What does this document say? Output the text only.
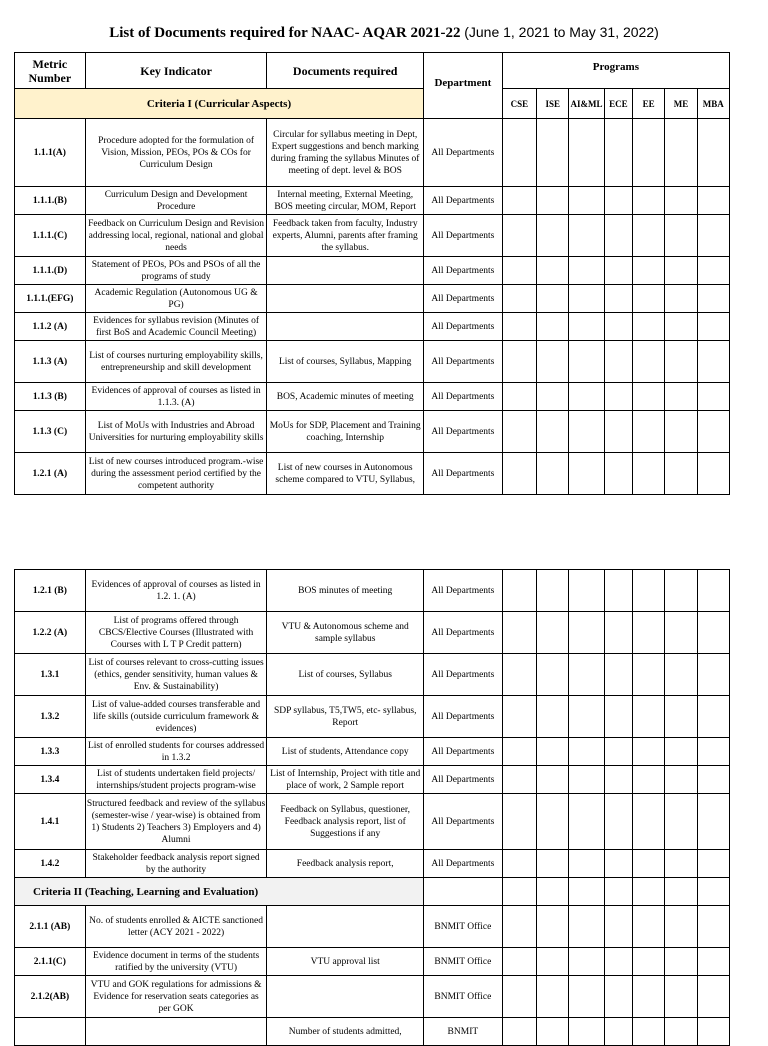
List of Documents required for NAAC- AQAR 2021-22 (June 1, 2021 to May 31, 2022)
Metric Number	Key Indicator	Documents required	Department	Programs						
Criteria I (Curricular Aspects)				CSE	ISE	AI&ML	ECE	EE	ME	MBA
1.1.1(A)	Procedure adopted for the formulation of Vision, Mission, PEOs, POs & COs for Curriculum Design	Circular for syllabus meeting in Dept, Expert suggestions and bench marking during framing the syllabus Minutes of meeting of dept. level & BOS	All Departments							
1.1.1.(B)	Curriculum Design and Development Procedure	Internal meeting, External Meeting, BOS meeting circular, MOM, Report	All Departments							
1.1.1.(C)	Feedback on Curriculum Design and Revision addressing local, regional, national and global needs	Feedback taken from faculty, Industry experts, Alumni, parents after framing the syllabus.	All Departments							
1.1.1.(D)	Statement of PEOs, POs and PSOs of all the programs of study		All Departments							
1.1.1.(EFG)	Academic Regulation (Autonomous UG & PG)		All Departments							
1.1.2 (A)	Evidences for syllabus revision (Minutes of first BoS and Academic Council Meeting)		All Departments							
1.1.3 (A)	List of courses nurturing employability skills, entrepreneurship and skill development	List of courses, Syllabus, Mapping	All Departments							
1.1.3 (B)	Evidences of approval of courses as listed in 1.1.3. (A)	BOS, Academic minutes of meeting	All Departments							
1.1.3 (C)	List of MoUs with Industries and Abroad Universities for nurturing employability skills	MoUs for SDP, Placement and Training coaching, Internship	All Departments							
1.2.1 (A)	List of new courses introduced program.-wise during the assessment period certified by the competent authority	List of new courses in Autonomous scheme compared to VTU, Syllabus,	All Departments							
1.2.1 (B)	Evidences of approval of courses as listed in 1.2. 1. (A)	BOS minutes of meeting	All Departments							
1.2.2 (A)	List of programs offered through CBCS/Elective Courses (Illustrated with Courses with L T P Credit pattern)	VTU & Autonomous scheme and sample syllabus	All Departments							
1.3.1	List of courses relevant to cross-cutting issues (ethics, gender sensitivity, human values & Env. & Sustainability)	List of courses, Syllabus	All Departments							
1.3.2	List of value-added courses transferable and life skills (outside curriculum framework & evidences)	SDP syllabus, T5,TW5, etc- syllabus, Report	All Departments							
1.3.3	List of enrolled students for courses addressed in 1.3.2	List of students, Attendance copy	All Departments							
1.3.4	List of students undertaken field projects/ internships/student projects program-wise	List of Internship, Project with title and place of work, 2 Sample report	All Departments							
1.4.1	Structured feedback and review of the syllabus (semester-wise / year-wise) is obtained from 1) Students 2) Teachers 3) Employers and 4) Alumni	Feedback on Syllabus, questioner, Feedback analysis report, list of Suggestions if any	All Departments							
1.4.2	Stakeholder feedback analysis report signed by the authority	Feedback analysis report,	All Departments							
Criteria II (Teaching, Learning and Evaluation)										
2.1.1 (AB)	No. of students enrolled & AICTE sanctioned letter (ACY 2021 - 2022)		BNMIT Office							
2.1.1(C)	Evidence document in terms of the students ratified by the university (VTU)	VTU approval list	BNMIT Office							
2.1.2(AB)	VTU and GOK regulations for admissions & Evidence for reservation seats categories as per GOK		BNMIT Office							
		Number of students admitted,	BNMIT							
